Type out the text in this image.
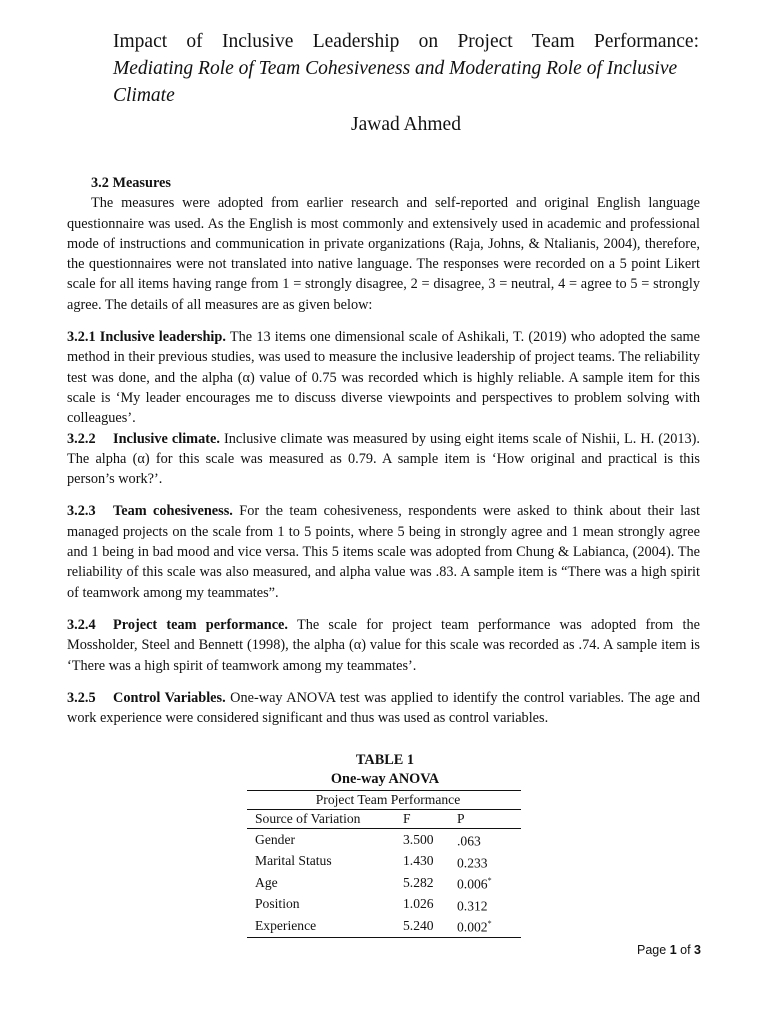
Impact of Inclusive Leadership on Project Team Performance:
Mediating Role of Team Cohesiveness and Moderating Role of Inclusive Climate
Jawad Ahmed

3.2 Measures

The measures were adopted from earlier research and self-reported and original English language questionnaire was used. As the English is most commonly and extensively used in academic and professional mode of instructions and communication in private organizations (Raja, Johns, & Ntalianis, 2004), therefore, the questionnaires were not translated into native language. The responses were recorded on a 5 point Likert scale for all items having range from 1 = strongly disagree, 2 = disagree, 3 = neutral, 4 = agree to 5 = strongly agree. The details of all measures are as given below:

3.2.1 Inclusive leadership. The 13 items one dimensional scale of Ashikali, T. (2019) who adopted the same method in their previous studies, was used to measure the inclusive leadership of project teams. The reliability test was done, and the alpha (α) value of 0.75 was recorded which is highly reliable. A sample item for this scale is ‘My leader encourages me to discuss diverse viewpoints and perspectives to problem solving with colleagues’.

3.2.2 Inclusive climate. Inclusive climate was measured by using eight items scale of Nishii, L. H. (2013). The alpha (α) for this scale was measured as 0.79. A sample item is ‘How original and practical is this person’s work?’.

3.2.3 Team cohesiveness. For the team cohesiveness, respondents were asked to think about their last managed projects on the scale from 1 to 5 points, where 5 being in strongly agree and 1 mean strongly agree and 1 being in bad mood and vice versa. This 5 items scale was adopted from Chung & Labianca, (2004). The reliability of this scale was also measured, and alpha value was .83. A sample item is “There was a high spirit of teamwork among my teammates”.

3.2.4 Project team performance. The scale for project team performance was adopted from the Mossholder, Steel and Bennett (1998), the alpha (α) value for this scale was recorded as .74. A sample item is ‘There was a high spirit of teamwork among my teammates’.

3.2.5 Control Variables. One-way ANOVA test was applied to identify the control variables. The age and work experience were considered significant and thus was used as control variables.

TABLE 1
One-way ANOVA
Project Team Performance		
Source of Variation	F	P
Gender	3.500	.063
Marital Status	1.430	0.233
Age	5.282	0.006*
Position	1.026	0.312
Experience	5.240	0.002*
Page 1 of 3
